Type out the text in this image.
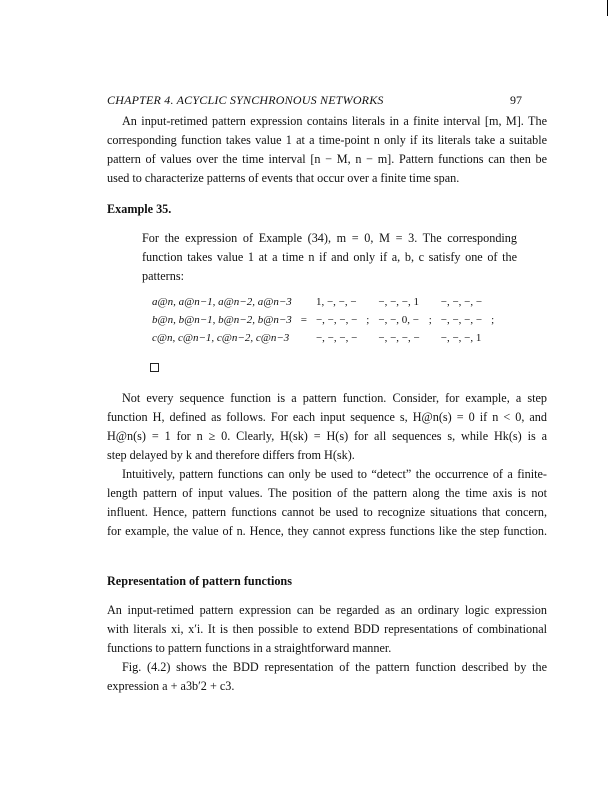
CHAPTER 4. ACYCLIC SYNCHRONOUS NETWORKS	97
An input-retimed pattern expression contains literals in a finite interval [m, M]. The
corresponding function takes value 1 at a time-point n only if its literals take a suitable
pattern of values over the time interval [n − M, n − m]. Pattern functions can then be
used to characterize patterns of events that occur over a finite time span.
Example 35.
For the expression of Example (34), m = 0, M = 3. The corresponding
function takes value 1 at a time n if and only if a, b, c satisfy one of the
patterns:
a@n, a@n−1, a@n−2, a@n−3 1, −, −, − −, −, −, 1 −, −, −, −
b@n, b@n−1, b@n−2, b@n−3 = −, −, −, − ; −, −, 0, − ; −, −, −, − ;
c@n, c@n−1, c@n−2, c@n−3 −, −, −, − −, −, −, − −, −, −, 1
Not every sequence function is a pattern function. Consider, for example, a step
function H, defined as follows. For each input sequence s, H@n(s) = 0 if n < 0, and
H@n(s) = 1 for n ≥ 0. Clearly, H(sk) = H(s) for all sequences s, while Hk(s) is a
step delayed by k and therefore differs from H(sk).
Intuitively, pattern functions can only be used to “detect” the occurrence of a finite-
length pattern of input values. The position of the pattern along the time axis is not
influent. Hence, pattern functions cannot be used to recognize situations that concern,
for example, the value of n. Hence, they cannot express functions like the step function.
Representation of pattern functions
An input-retimed pattern expression can be regarded as an ordinary logic expression
with literals xi, x′i. It is then possible to extend BDD representations of combinational
functions to pattern functions in a straightforward manner.
Fig. (4.2) shows the BDD representation of the pattern function described by the
expression a + a3b′2 + c3.
